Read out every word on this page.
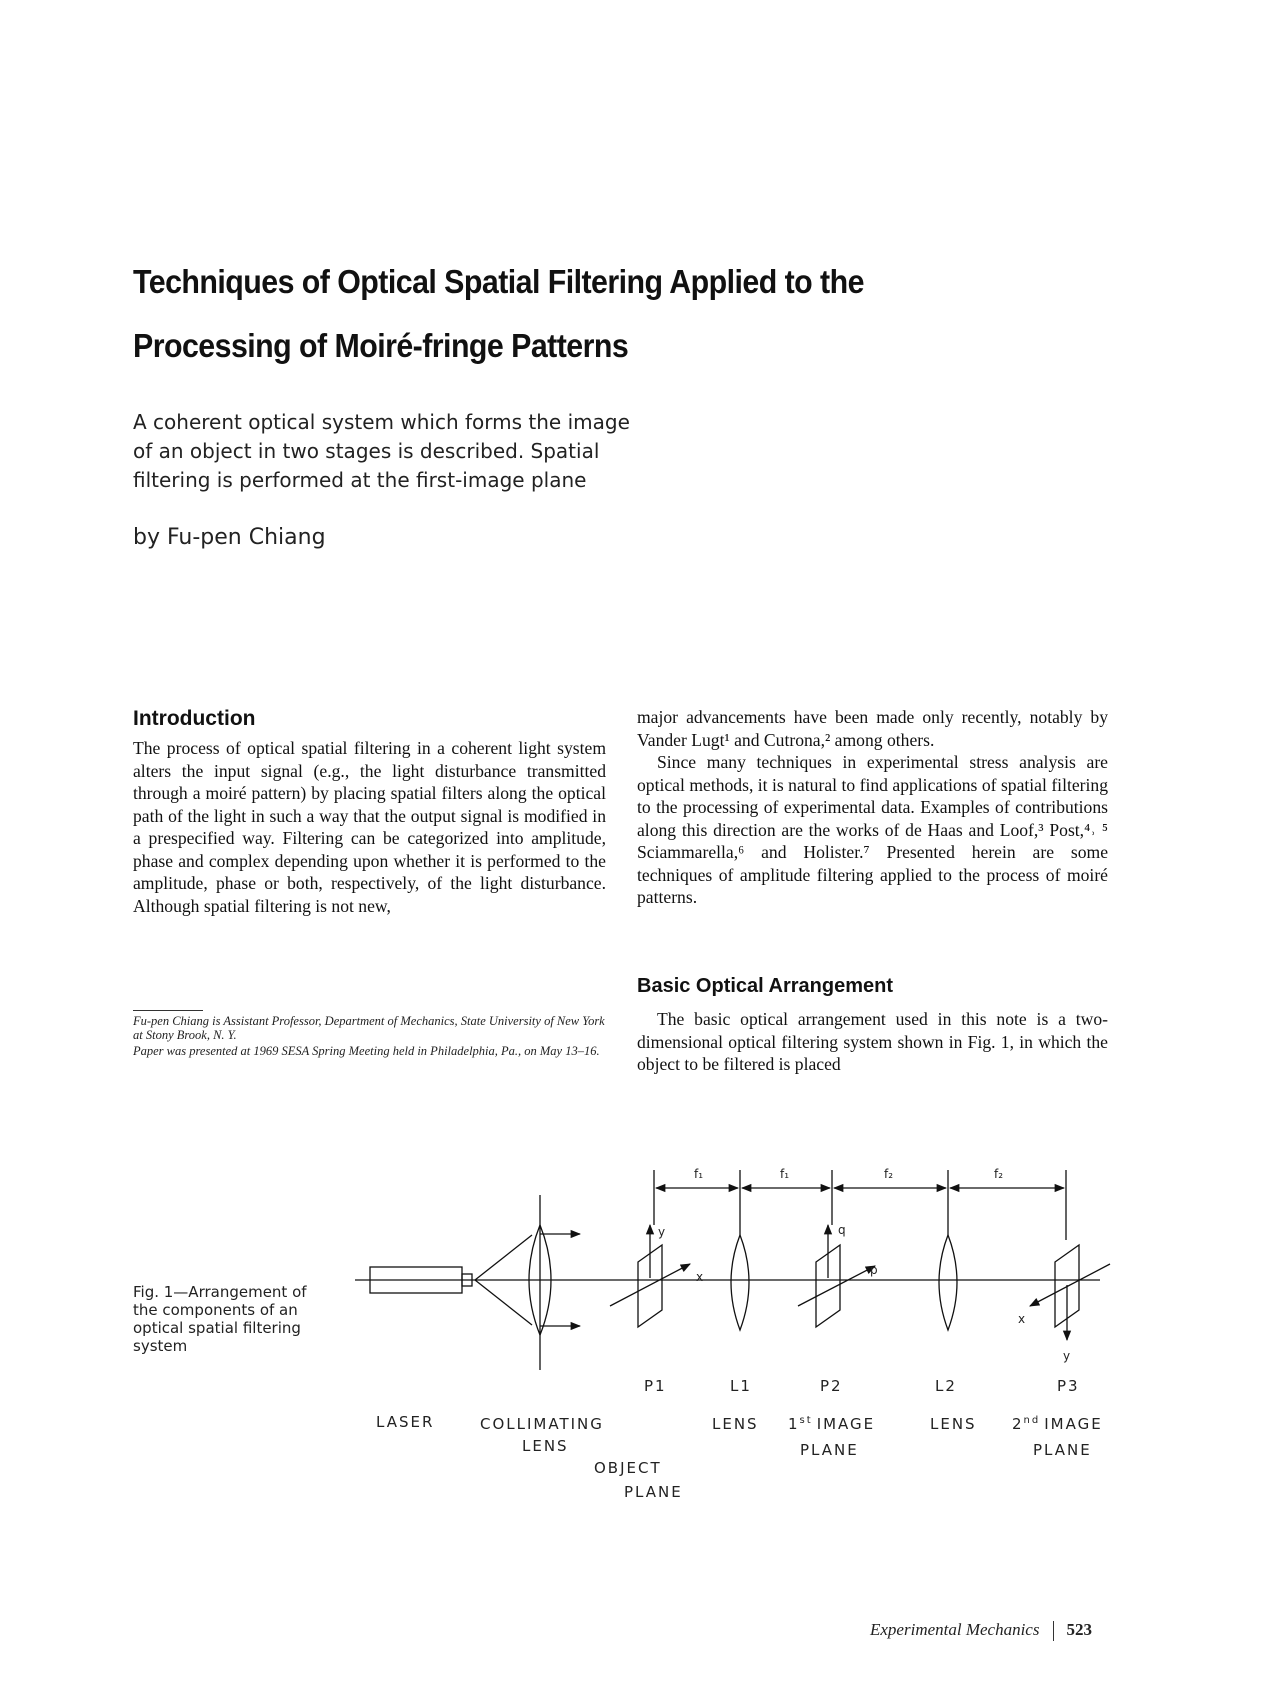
Techniques of Optical Spatial Filtering Applied to the
Processing of Moiré-fringe Patterns
A coherent optical system which forms the image
of an object in two stages is described. Spatial
filtering is performed at the first-image plane
by Fu-pen Chiang
Introduction

The process of optical spatial filtering in a coherent light system alters the input signal (e.g., the light disturbance transmitted through a moiré pattern) by placing spatial filters along the optical path of the light in such a way that the output signal is modified in a prespecified way. Filtering can be categorized into amplitude, phase and complex depending upon whether it is performed to the amplitude, phase or both, respectively, of the light disturbance. Although spatial filtering is not new,

Fu-pen Chiang is Assistant Professor, Department of Mechanics, State University of New York at Stony Brook, N. Y.
Paper was presented at 1969 SESA Spring Meeting held in Philadelphia, Pa., on May 13–16.

major advancements have been made only recently, notably by Vander Lugt¹ and Cutrona,² among others.

Since many techniques in experimental stress analysis are optical methods, it is natural to find applications of spatial filtering to the processing of experimental data. Examples of contributions along this direction are the works of de Haas and Loof,³ Post,⁴˒ ⁵ Sciammarella,⁶ and Holister.⁷ Presented herein are some techniques of amplitude filtering applied to the process of moiré patterns.

Basic Optical Arrangement

The basic optical arrangement used in this note is a two-dimensional optical filtering system shown in Fig. 1, in which the object to be filtered is placed

Fig. 1—Arrangement of
the components of an
optical spatial filtering
system
f₁	f₁	f₂	f₂
y
x
q
p
x
y
P1	L1	P2	L2	P3
LASER	COLLIMATING
LENS
OBJECT
PLANE
LENS 1st IMAGE
PLANE
LENS 2nd IMAGE
PLANE
Experimental Mechanics 523
